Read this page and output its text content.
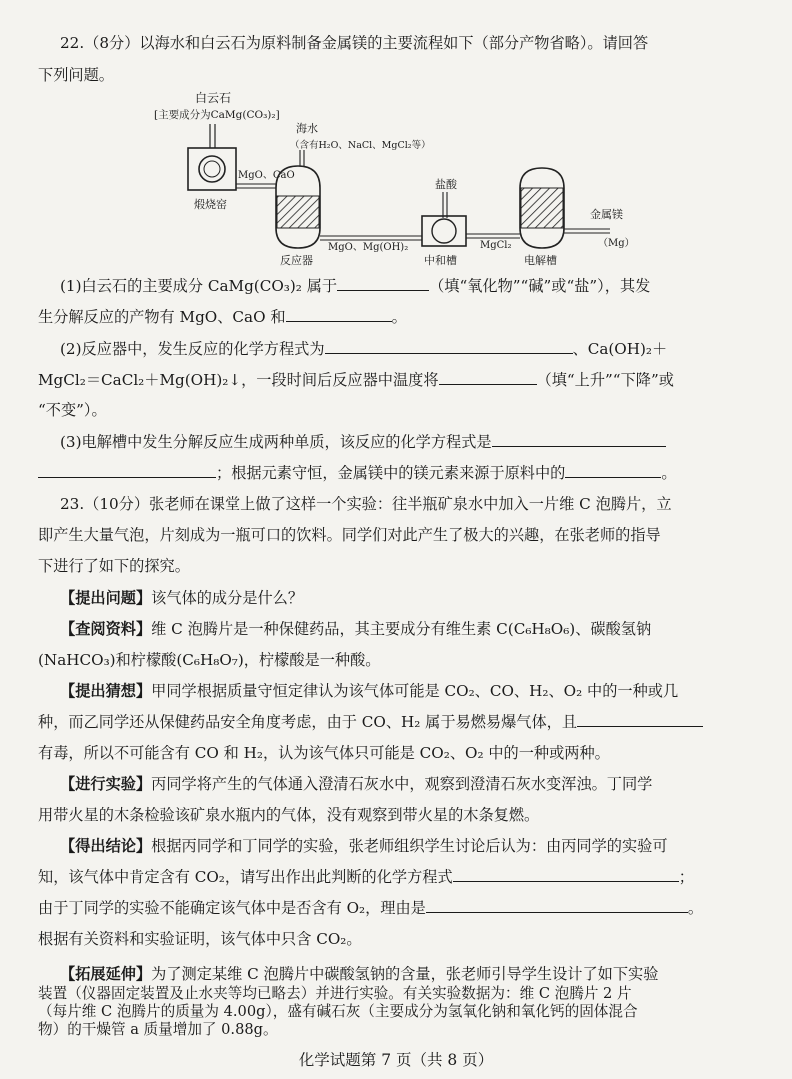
22.（8分）以海水和白云石为原料制备金属镁的主要流程如下（部分产物省略）。请回答
下列问题。
白云石
[主要成分为CaMg(CO₃)₂]
煅烧窑
MgO、CaO
海水
（含有H₂O、NaCl、MgCl₂等）
反应器
MgO、Mg(OH)₂
盐酸
中和槽
MgCl₂
电解槽
金属镁
（Mg）
(1)白云石的主要成分 CaMg(CO₃)₂ 属于	（填“氧化物”“碱”或“盐”），其发
生分解反应的产物有 MgO、CaO 和	。
(2)反应器中，发生反应的化学方程式为	、Ca(OH)₂＋
MgCl₂＝CaCl₂＋Mg(OH)₂↓，一段时间后反应器中温度将	（填“上升”“下降”或
“不变”）。
(3)电解槽中发生分解反应生成两种单质，该反应的化学方程式是
；根据元素守恒，金属镁中的镁元素来源于原料中的	。
23.（10分）张老师在课堂上做了这样一个实验：往半瓶矿泉水中加入一片维 C 泡腾片，立
即产生大量气泡，片刻成为一瓶可口的饮料。同学们对此产生了极大的兴趣，在张老师的指导
下进行了如下的探究。
【提出问题】该气体的成分是什么？
【查阅资料】维 C 泡腾片是一种保健药品，其主要成分有维生素 C(C₆H₈O₆)、碳酸氢钠
(NaHCO₃)和柠檬酸(C₆H₈O₇)，柠檬酸是一种酸。
【提出猜想】甲同学根据质量守恒定律认为该气体可能是 CO₂、CO、H₂、O₂ 中的一种或几
种，而乙同学还从保健药品安全角度考虑，由于 CO、H₂ 属于易燃易爆气体，且
有毒，所以不可能含有 CO 和 H₂，认为该气体只可能是 CO₂、O₂ 中的一种或两种。
【进行实验】丙同学将产生的气体通入澄清石灰水中，观察到澄清石灰水变浑浊。丁同学
用带火星的木条检验该矿泉水瓶内的气体，没有观察到带火星的木条复燃。
【得出结论】根据丙同学和丁同学的实验，张老师组织学生讨论后认为：由丙同学的实验可
知，该气体中肯定含有 CO₂，请写出作出此判断的化学方程式	；
由于丁同学的实验不能确定该气体中是否含有 O₂，理由是	。
根据有关资料和实验证明，该气体中只含 CO₂。
【拓展延伸】为了测定某维 C 泡腾片中碳酸氢钠的含量，张老师引导学生设计了如下实验
装置（仪器固定装置及止水夹等均已略去）并进行实验。有关实验数据为：维 C 泡腾片 2 片
（每片维 C 泡腾片的质量为 4.00g），盛有碱石灰（主要成分为氢氧化钠和氧化钙的固体混合
化学试题第 7 页（共 8 页）
物）的干燥管 a 质量增加了 0.88g。
